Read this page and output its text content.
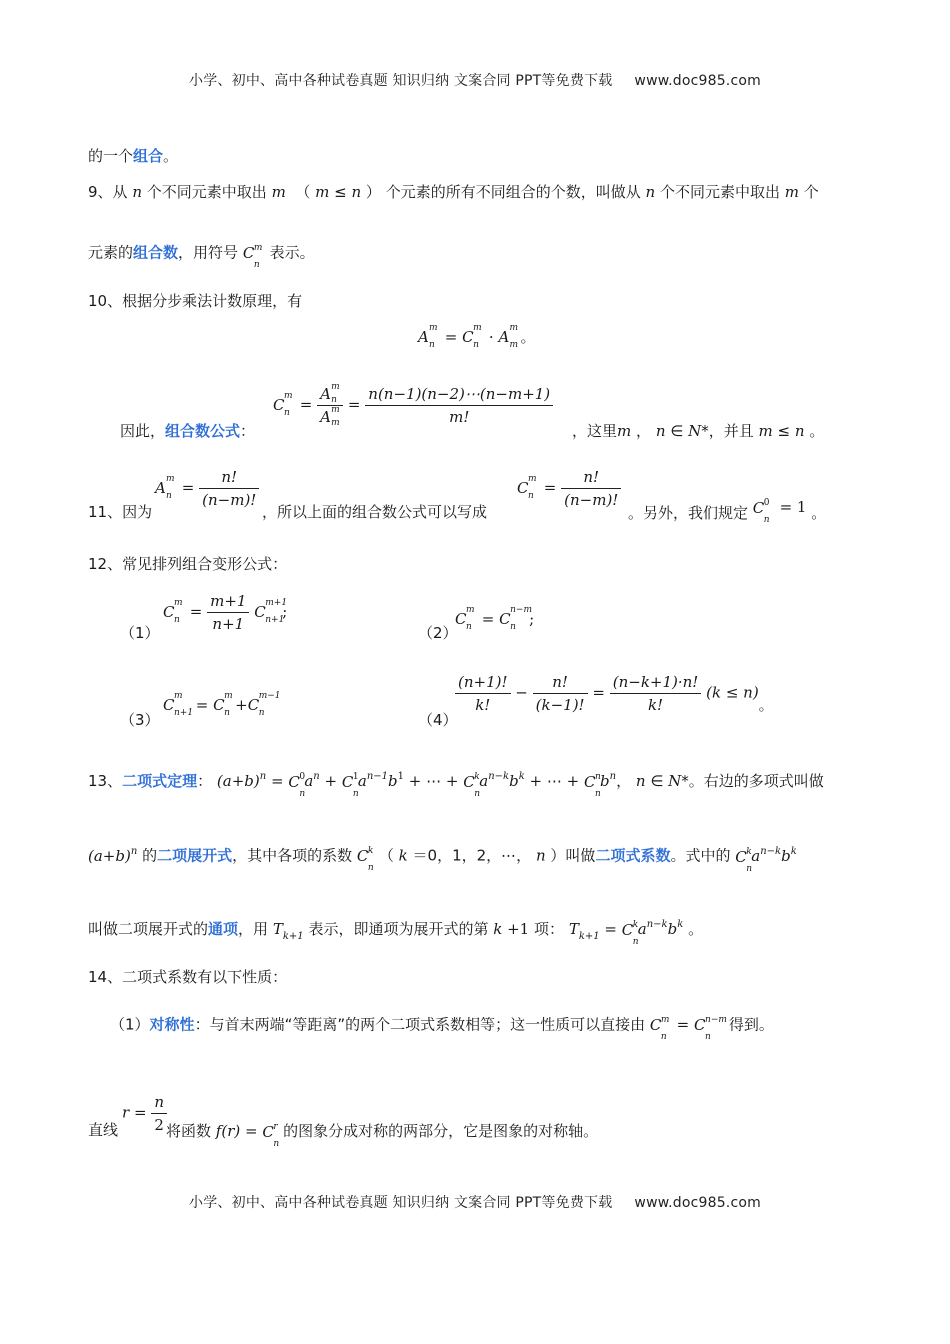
小学、初中、高中各种试卷真题 知识归纳 文案合同 PPT等免费下载 www.doc985.com
的一个组合。
9、从 n 个不同元素中取出 m  （ m ≤ n ） 个元素的所有不同组合的个数，叫做从 n 个不同元素中取出 m 个
元素的组合数，用符号 C m
n
表示。
10、根据分步乘法计数原理，有
A m
n = C m
n · A m
m 。
C m
n = A m
n
A m
$m = \frac{n(n-1)(n-2)\cdots(n-m+1)}{m!}$
因此，组合数公式：	，这里m ， n ∈ N*，并且 m ≤ n 。
11、因为
A m
$n = \frac{n!}{(n-m)!}$
，所以上面的组合数公式可以写成
C m
$n = \frac{n!}{(n-m)!}$
。另外，我们规定 C 0
n
= 1 。
12、常见排列组合变形公式：
（1）
C m
$n = \frac{m+1}{n+1}$
C m+1
n+1
;
（2）
C m
n = C n−m
n ;
（3）
C m
n+1 = C m
n + C m−1
n	（4）
$\frac{(n+1)!}{k!} - \frac{n!}{(k-1)!} = \frac{(n-k+1)\cdot n!}{k!} (k \le n)$。
13、二项式定理： $(a+b)^n = C$ 0
n
$a^n + C$ 1
n
$a^{n-1}b^1$ + ⋯ + C k
n
$a^{n-k}b^k$ + ⋯ + C n
n
$b^n$， n ∈ N*。右边的多项式叫做
$(a+b)^n$ 的二项展开式，其中各项的系数 C k
n
（ k ＝0，1，2，⋯， n ）叫做二项式系数。式中的 C k
n
$a^{n-k}b^k$
叫做二项展开式的通项，用 $T_{k+1}$ 表示，即通项为展开式的第 k +1 项： $T_{k+1} = C$ k
n
$a^{n-k}b^k$ 。
14、二项式系数有以下性质：
（1）对称性：与首末两端“等距离”的两个二项式系数相等；这一性质可以直接由 C m
n
= C n−m
n
得到。
直线
$r = \frac{n}{2}$ 将函数 f(r) = C r
n
的图象分成对称的两部分，它是图象的对称轴。
小学、初中、高中各种试卷真题 知识归纳 文案合同 PPT等免费下载 www.doc985.com
